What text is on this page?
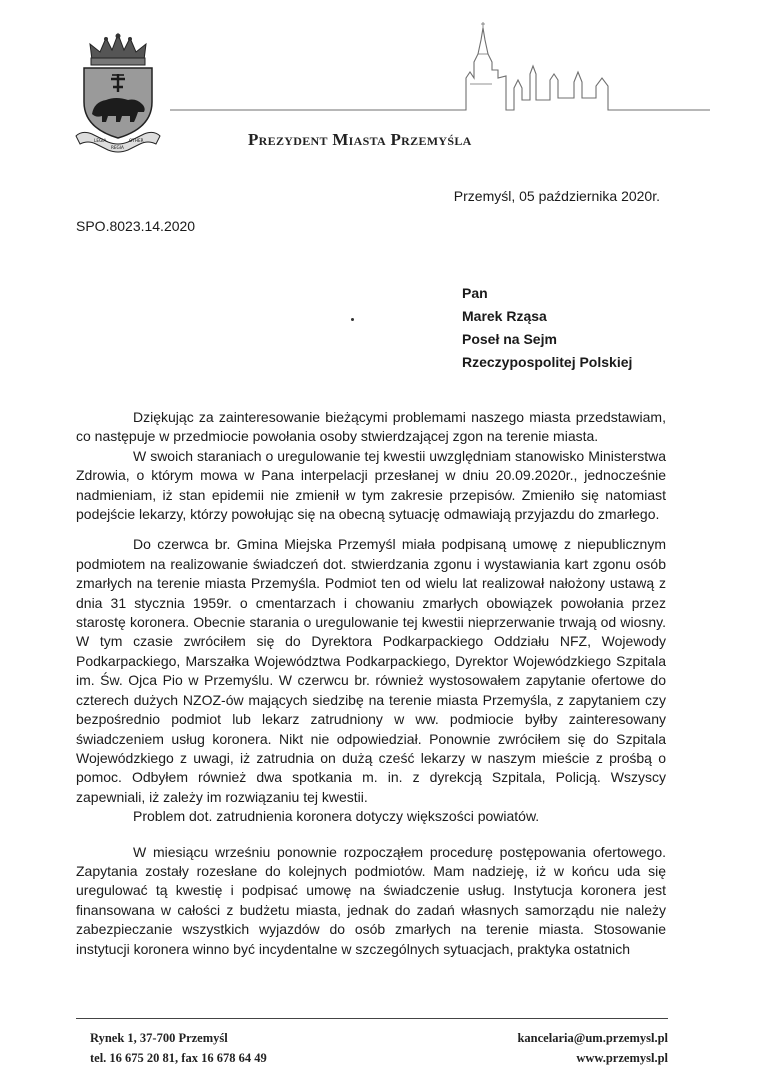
LEGIA
REGIA
OTHER	Prezydent Miasta Przemyśla
Przemyśl, 05 października 2020r.
SPO.8023.14.2020
Pan
Marek Rząsa
Poseł na Sejm
Rzeczypospolitej Polskiej

Dziękując za zainteresowanie bieżącymi problemami naszego miasta przedstawiam, co następuje w przedmiocie powołania osoby stwierdzającej zgon na terenie miasta.

W swoich staraniach o uregulowanie tej kwestii uwzględniam stanowisko Ministerstwa Zdrowia, o którym mowa w Pana interpelacji przesłanej w dniu 20.09.2020r., jednocześnie nadmieniam, iż stan epidemii nie zmienił w tym zakresie przepisów. Zmieniło się natomiast podejście lekarzy, którzy powołując się na obecną sytuację odmawiają przyjazdu do zmarłego.

Do czerwca br. Gmina Miejska Przemyśl miała podpisaną umowę z niepublicznym podmiotem na realizowanie świadczeń dot. stwierdzania zgonu i wystawiania kart zgonu osób zmarłych na terenie miasta Przemyśla. Podmiot ten od wielu lat realizował nałożony ustawą z dnia 31 stycznia 1959r. o cmentarzach i chowaniu zmarłych obowiązek powołania przez starostę koronera. Obecnie starania o uregulowanie tej kwestii nieprzerwanie trwają od wiosny. W tym czasie zwróciłem się do Dyrektora Podkarpackiego Oddziału NFZ, Wojewody Podkarpackiego, Marszałka Województwa Podkarpackiego, Dyrektor Wojewódzkiego Szpitala im. Św. Ojca Pio w Przemyślu. W czerwcu br. również wystosowałem zapytanie ofertowe do czterech dużych NZOZ-ów mających siedzibę na terenie miasta Przemyśla, z zapytaniem czy bezpośrednio podmiot lub lekarz zatrudniony w ww. podmiocie byłby zainteresowany świadczeniem usług koronera. Nikt nie odpowiedział. Ponownie zwróciłem się do Szpitala Wojewódzkiego z uwagi, iż zatrudnia on dużą cześć lekarzy w naszym mieście z prośbą o pomoc. Odbyłem również dwa spotkania m. in. z dyrekcją Szpitala, Policją. Wszyscy zapewniali, iż zależy im rozwiązaniu tej kwestii.

Problem dot. zatrudnienia koronera dotyczy większości powiatów.

W miesiącu wrześniu ponownie rozpocząłem procedurę postępowania ofertowego. Zapytania zostały rozesłane do kolejnych podmiotów. Mam nadzieję, iż w końcu uda się uregulować tą kwestię i podpisać umowę na świadczenie usług. Instytucja koronera jest finansowana w całości z budżetu miasta, jednak do zadań własnych samorządu nie należy zabezpieczanie wszystkich wyjazdów do osób zmarłych na terenie miasta. Stosowanie instytucji koronera winno być incydentalne w szczególnych sytuacjach, praktyka ostatnich

Rynek 1, 37-700 Przemyśl
tel. 16 675 20 81, fax 16 678 64 49
kancelaria@um.przemysl.pl
www.przemysl.pl
